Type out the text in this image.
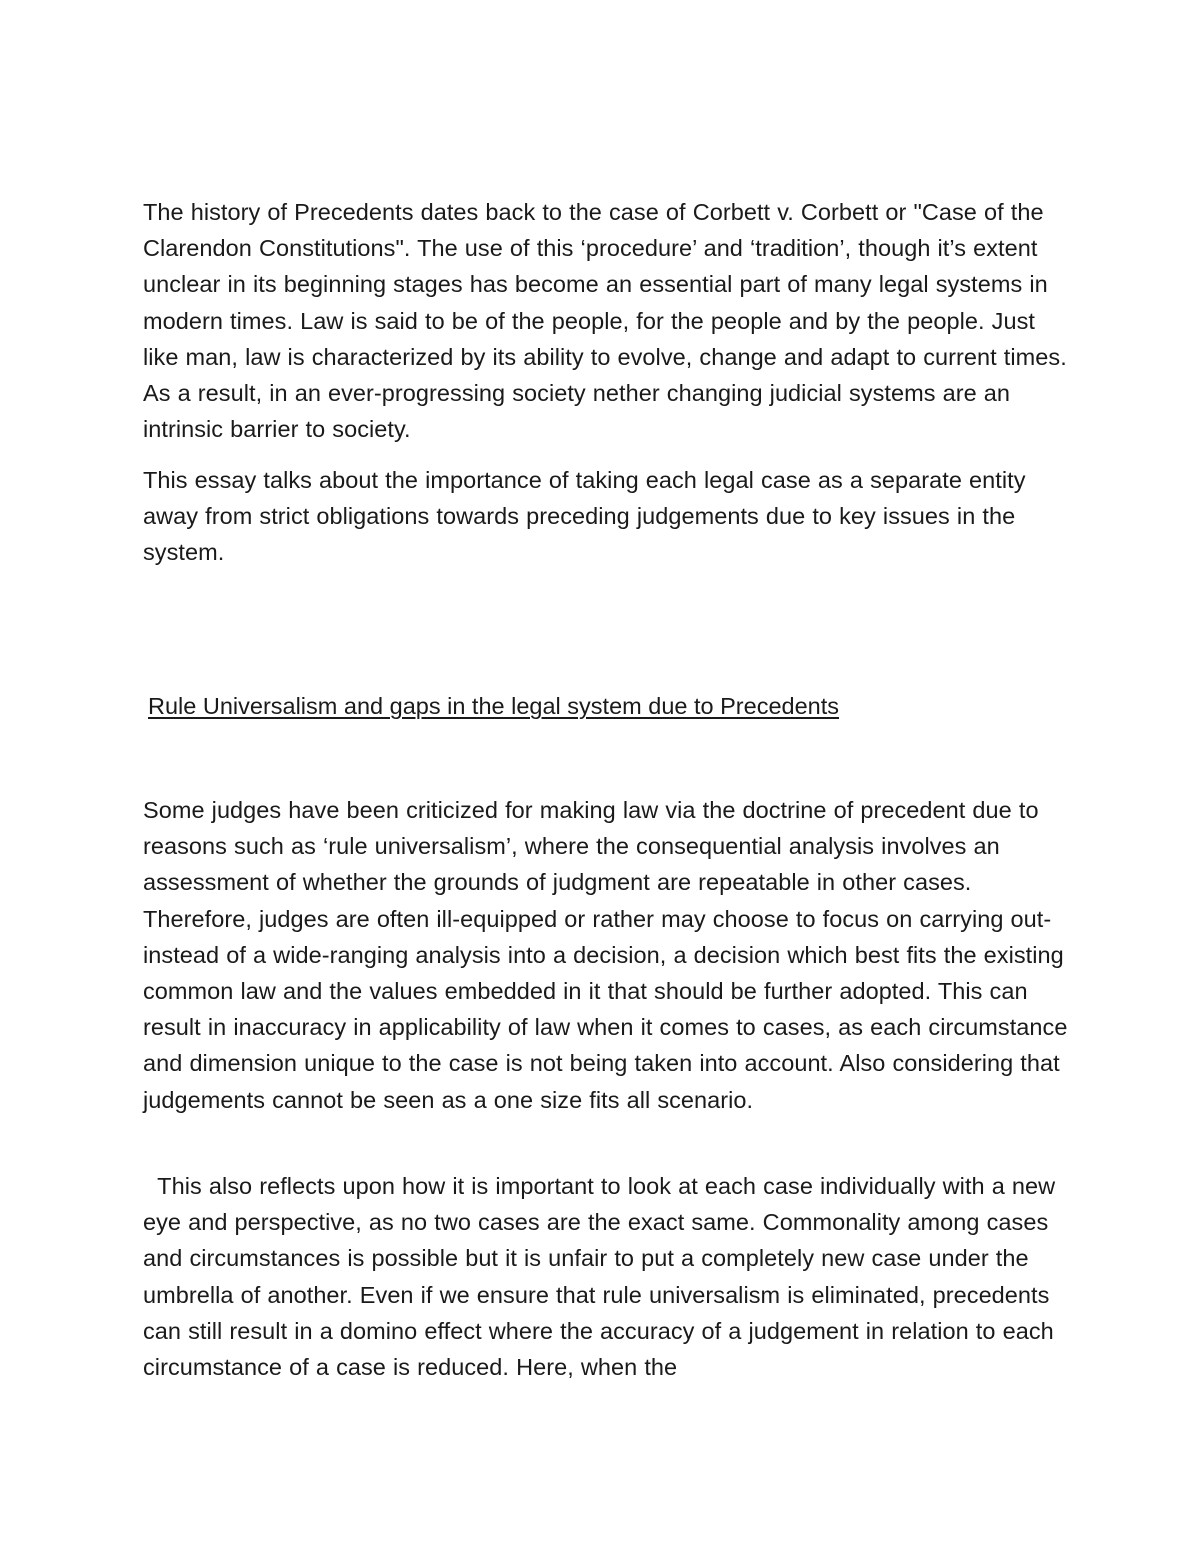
The history of Precedents dates back to the case of Corbett v. Corbett or "Case of the Clarendon Constitutions". The use of this ‘procedure’ and ‘tradition’, though it’s extent unclear in its beginning stages has become an essential part of many legal systems in modern times. Law is said to be of the people, for the people and by the people. Just like man, law is characterized by its ability to evolve, change and adapt to current times. As a result, in an ever-progressing society nether changing judicial systems are an intrinsic barrier to society.

This essay talks about the importance of taking each legal case as a separate entity away from strict obligations towards preceding judgements due to key issues in the system.

Rule Universalism and gaps in the legal system due to Precedents

Some judges have been criticized for making law via the doctrine of precedent due to reasons such as ‘rule universalism’, where the consequential analysis involves an assessment of whether the grounds of judgment are repeatable in other cases. Therefore, judges are often ill-equipped or rather may choose to focus on carrying out- instead of a wide-ranging analysis into a decision, a decision which best fits the existing common law and the values embedded in it that should be further adopted. This can result in inaccuracy in applicability of law when it comes to cases, as each circumstance and dimension unique to the case is not being taken into account. Also considering that judgements cannot be seen as a one size fits all scenario.

This also reflects upon how it is important to look at each case individually with a new eye and perspective, as no two cases are the exact same. Commonality among cases and circumstances is possible but it is unfair to put a completely new case under the umbrella of another. Even if we ensure that rule universalism is eliminated, precedents can still result in a domino effect where the accuracy of a judgement in relation to each circumstance of a case is reduced. Here, when the
